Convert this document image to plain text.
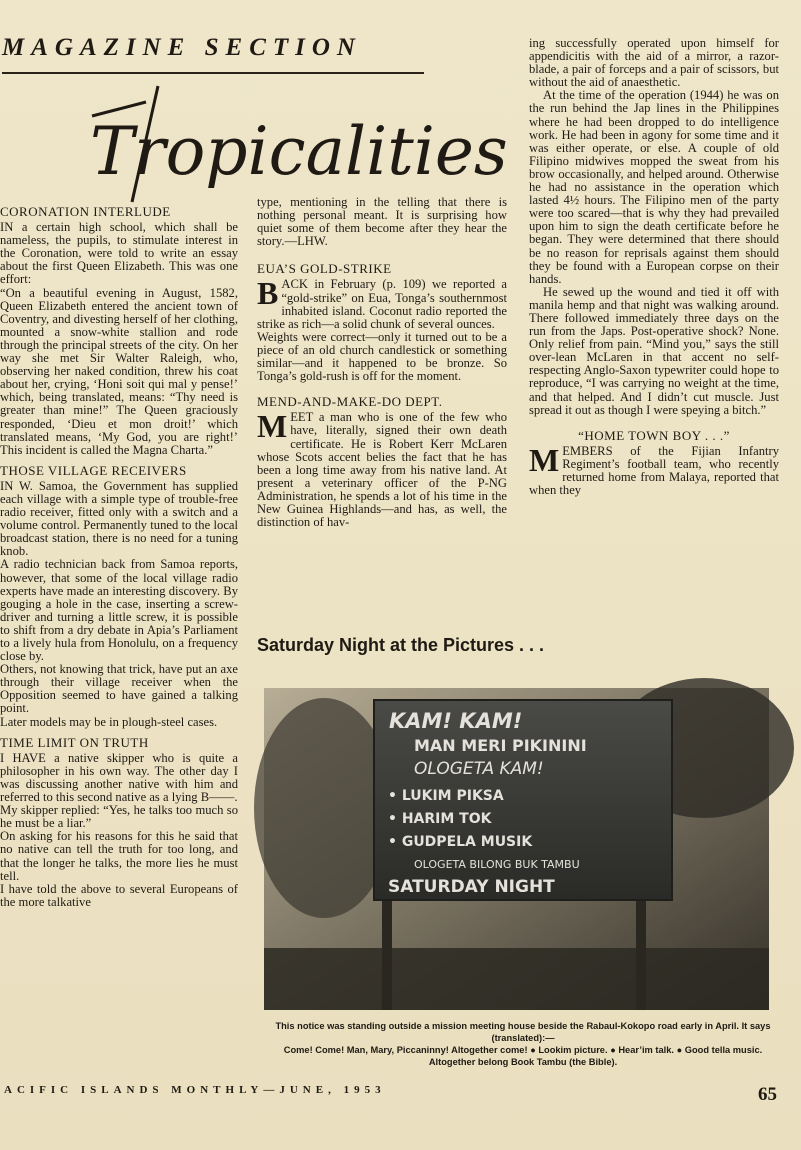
MAGAZINE SECTION
Tropicalities
CORONATION INTERLUDE

IN a certain high school, which shall be nameless, the pupils, to stimulate interest in the Coronation, were told to write an essay about the first Queen Elizabeth. This was one effort:

“On a beautiful evening in August, 1582, Queen Elizabeth entered the ancient town of Coventry, and divesting herself of her clothing, mounted a snow-white stallion and rode through the principal streets of the city. On her way she met Sir Walter Raleigh, who, observing her naked condition, threw his coat about her, crying, ‘Honi soit qui mal y pense!’ which, being translated, means: “Thy need is greater than mine!” The Queen graciously responded, ‘Dieu et mon droit!’ which translated means, ‘My God, you are right!’ This incident is called the Magna Charta.”

THOSE VILLAGE RECEIVERS

IN W. Samoa, the Government has supplied each village with a simple type of trouble-free radio receiver, fitted only with a switch and a volume control. Permanently tuned to the local broadcast station, there is no need for a tuning knob.

A radio technician back from Samoa reports, however, that some of the local village radio experts have made an interesting discovery. By gouging a hole in the case, inserting a screw-driver and turning a little screw, it is possible to shift from a dry debate in Apia’s Parliament to a lively hula from Honolulu, on a frequency close by.

Others, not knowing that trick, have put an axe through their village receiver when the Opposition seemed to have gained a talking point.

Later models may be in plough-steel cases.

TIME LIMIT ON TRUTH

I HAVE a native skipper who is quite a philosopher in his own way. The other day I was discussing another native with him and referred to this second native as a lying B——.

My skipper replied: “Yes, he talks too much so he must be a liar.”

On asking for his reasons for this he said that no native can tell the truth for too long, and that the longer he talks, the more lies he must tell.

I have told the above to several Europeans of the more talkative

type, mentioning in the telling that there is nothing personal meant. It is surprising how quiet some of them become after they hear the story.—LHW.

EUA’S GOLD-STRIKE

BACK in February (p. 109) we reported a “gold-strike” on Eua, Tonga’s southernmost inhabited island. Coconut radio reported the strike as rich—a solid chunk of several ounces.

Weights were correct—only it turned out to be a piece of an old church candlestick or something similar—and it happened to be bronze. So Tonga’s gold-rush is off for the moment.

MEND-AND-MAKE-DO DEPT.

MEET a man who is one of the few who have, literally, signed their own death certificate. He is Robert Kerr McLaren whose Scots accent belies the fact that he has been a long time away from his native land. At present a veterinary officer of the P-NG Administration, he spends a lot of his time in the New Guinea Highlands—and has, as well, the distinction of hav-

ing successfully operated upon himself for appendicitis with the aid of a mirror, a razor-blade, a pair of forceps and a pair of scissors, but without the aid of anaesthetic.

At the time of the operation (1944) he was on the run behind the Jap lines in the Philippines where he had been dropped to do intelligence work. He had been in agony for some time and it was either operate, or else. A couple of old Filipino midwives mopped the sweat from his brow occasionally, and helped around. Otherwise he had no assistance in the operation which lasted 4½ hours. The Filipino men of the party were too scared—that is why they had prevailed upon him to sign the death certificate before he began. They were determined that there should be no reason for reprisals against them should they be found with a European corpse on their hands.

He sewed up the wound and tied it off with manila hemp and that night was walking around. There followed immediately three days on the run from the Japs. Post-operative shock? None. Only relief from pain. “Mind you,” says the still over-lean McLaren in that accent no self-respecting Anglo-Saxon typewriter could hope to reproduce, “I was carrying no weight at the time, and that helped. And I didn’t cut muscle. Just spread it out as though I were speying a bitch.”

“HOME TOWN BOY . . .”

MEMBERS of the Fijian Infantry Regiment’s football team, who recently returned home from Malaya, reported that when they

Saturday Night at the Pictures . . .
KAM! KAM!
MAN MERI PIKININI
OLOGETA KAM!
• LUKIM PIKSA
• HARIM TOK
• GUDPELA MUSIK
OLOGETA BILONG BUK TAMBU
SATURDAY NIGHT

This notice was standing outside a mission meeting house beside the Rabaul-Kokopo road early in April. It says (translated):—

Come! Come! Man, Mary, Piccaninny! Altogether come! ● Lookim picture. ● Hear’im talk. ● Good tella music. Altogether belong Book Tambu (the Bible).

ACIFIC ISLANDS MONTHLY—JUNE, 1953	65
